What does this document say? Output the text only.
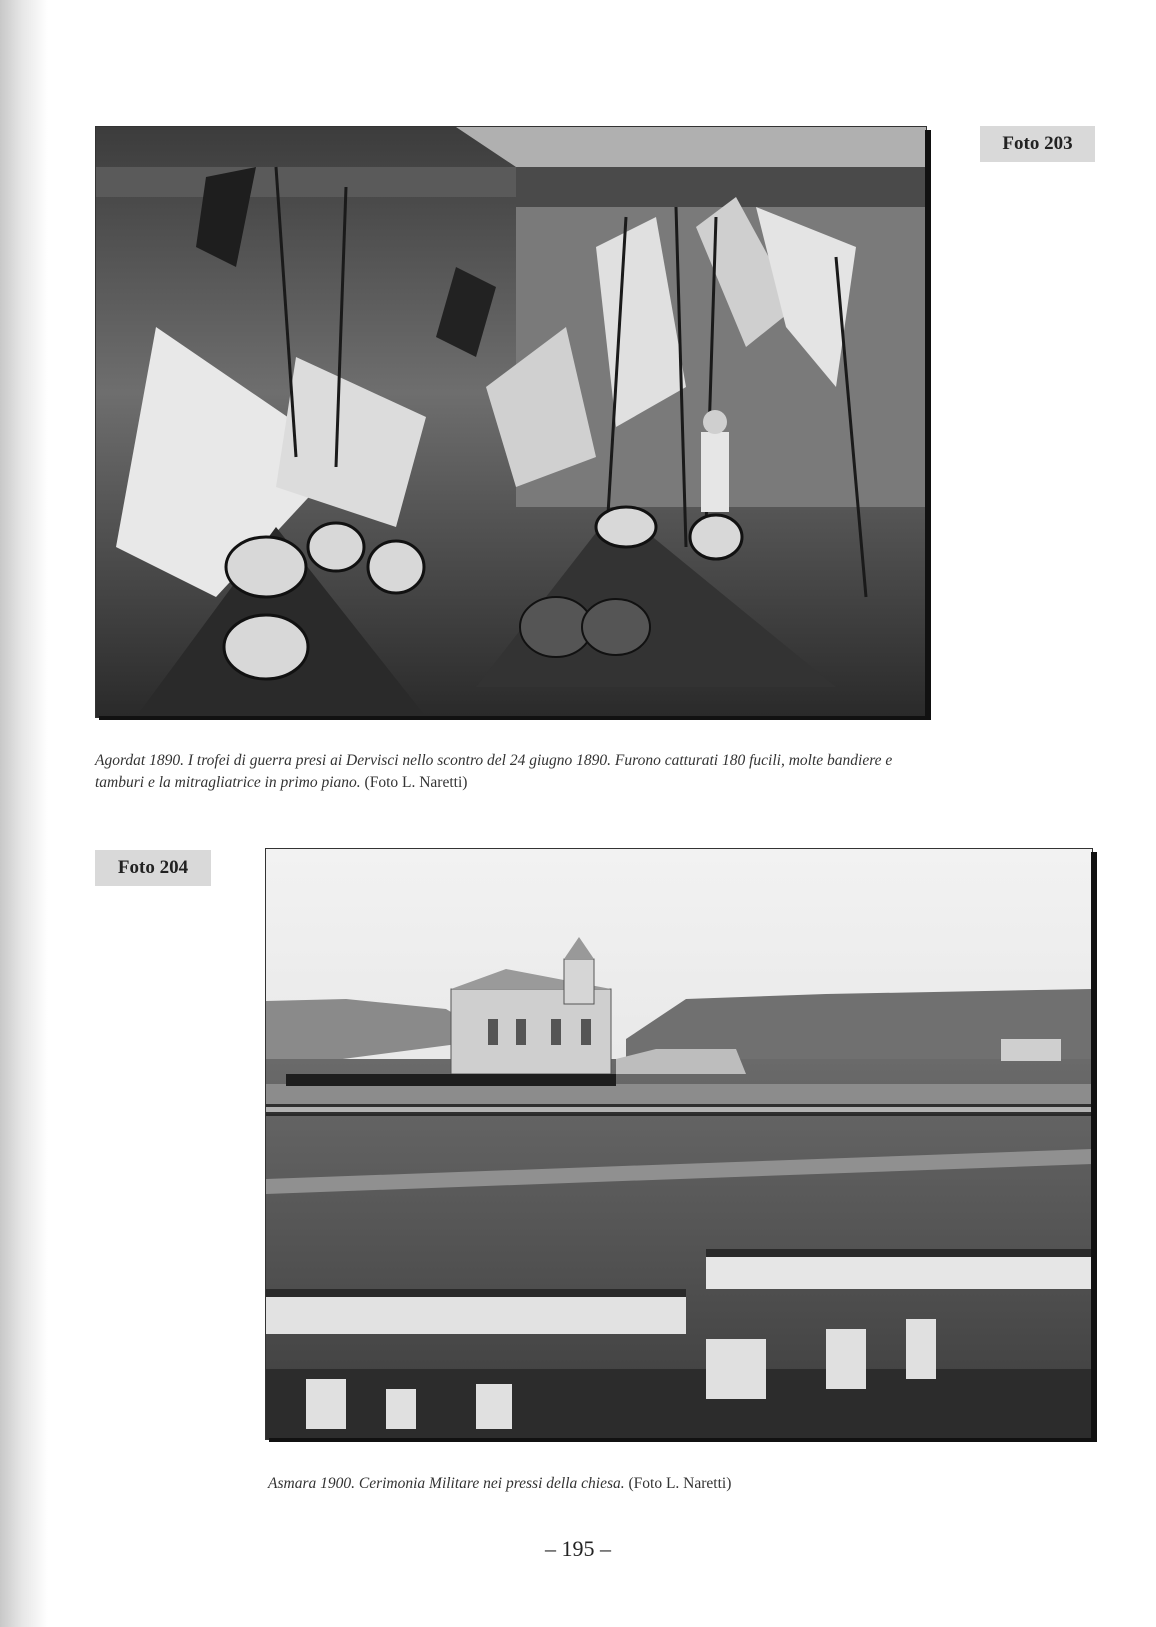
Foto 203
Agordat 1890. I trofei di guerra presi ai Dervisci nello scontro del 24 giugno 1890. Furono catturati 180 fucili, molte bandiere e tamburi e la mitragliatrice in primo piano. (Foto L. Naretti)
Foto 204
Asmara 1900. Cerimonia Militare nei pressi della chiesa. (Foto L. Naretti)
– 195 –
